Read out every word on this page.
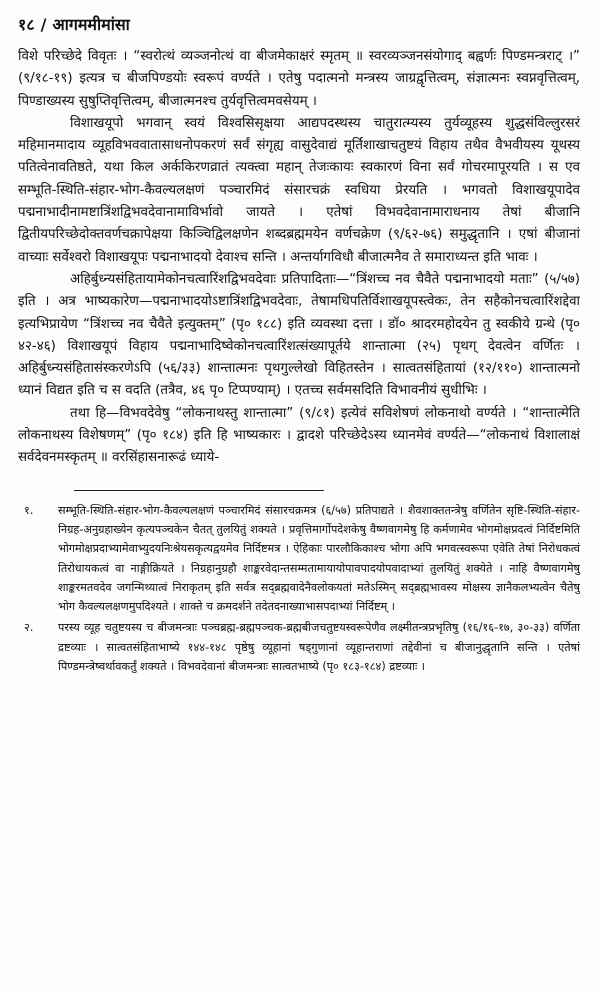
१८ / आगममीमांसा

विशे परिच्छेदे विवृतः । “स्वरोत्थं व्यञ्जनोत्थं वा बीजमेकाक्षरं स्मृतम् ॥ स्वरव्यञ्जनसंयोगाद् बह्वर्णः पिण्डमन्त्रराट् ।” (९/१८-१९) इत्यत्र च बीजपिण्डयोः स्वरूपं वर्ण्यते । एतेषु पदात्मनो मन्त्रस्य जाग्रद्वृत्तित्वम्, संज्ञात्मनः स्वप्नवृत्तित्वम्, पिण्डाख्यस्य सुषुप्तिवृत्तित्वम्, बीजात्मनश्च तुर्यवृत्तित्वमवसेयम् ।

विशाखयूपो भगवान् स्वयं विश्वसिसृक्षया आद्यपदस्थस्य चातुरात्म्यस्य तुर्यव्यूहस्य शुद्धसंविल्लुरसरं महिमानमादाय व्यूहविभववातासाधनोपकरणं सर्वं संगृह्य वासुदेवाद्यं मूर्तिशाखाचतुष्टयं विहाय तथैव वैभवीयस्य यूथस्य पतित्वेनावतिष्ठते, यथा किल अर्ककिरणव्रातं त्यक्त्वा महान् तेजःकायः स्वकारणं विना सर्वं गोचरमापूरयति । स एव सम्भूति-स्थिति-संहार-भोग-कैवल्यलक्षणं पञ्चारमिदं संसारचक्रं स्वधिया प्रेरयति । भगवतो विशाखयूपादेव पद्मनाभादीनामष्टात्रिंशद्विभवदेवानामाविर्भावो जायते । एतेषां विभवदेवानामाराधनाय तेषां बीजानि द्वितीयपरिच्छेदोक्तवर्णचक्रापेक्षया किञ्चिद्विलक्षणेन शब्दब्रह्ममयेन वर्णचक्रेण (९/६२-७६) समुद्धृतानि । एषां बीजानां वाच्याः सर्वेश्वरो विशाखयूपः पद्मनाभादयो देवाश्च सन्ति । अन्तर्यागविधौ बीजात्मनैव ते समाराध्यन्त इति भावः ।

अहिर्बुध्न्यसंहितायामेकोनचत्वारिंशद्विभवदेवाः प्रतिपादिताः—“त्रिंशच्च नव चैवैते पद्मनाभादयो मताः” (५/५७) इति । अत्र भाष्यकारेण—पद्मनाभादयोऽष्टात्रिंशद्विभवदेवाः, तेषामधिपतिर्विशाखयूपस्त्वेकः, तेन सहैकोनचत्वारिंशद्देवा इत्यभिप्रायेण “त्रिंशच्च नव चैवैते इत्युक्तम्” (पृ० १८८) इति व्यवस्था दत्ता । डॉ० श्रादरमहोदयेन तु स्वकीये ग्रन्थे (पृ० ४२-४६) विशाखयूपं विहाय पद्मनाभादिष्वेकोनचत्वारिंशत्संख्यापूर्तये शान्तात्मा (२५) पृथग् देवत्वेन वर्णितः । अहिर्बुध्न्यसंहितासंस्करणेऽपि (५६/३३) शान्तात्मनः पृथगुल्लेखो विहितस्तेन । सात्वतसंहितायां (१२/११०) शान्तात्मनो ध्यानं विद्यत इति च स वदति (तत्रैव, ४६ पृ० टिप्पण्याम्) । एतच्च सर्वमसदिति विभावनीयं सुधीभिः ।

तथा हि—विभवदेवेषु “लोकनाथस्तु शान्तात्मा” (९/८१) इत्येवं सविशेषणं लोकनाथो वर्ण्यते । “शान्तात्मेति लोकनाथस्य विशेषणम्” (पृ० १८४) इति हि भाष्यकारः । द्वादशे परिच्छेदेऽस्य ध्यानमेवं वर्ण्यते—“लोकनाथं विशालाक्षं सर्वदेवनमस्कृतम् ॥ वरसिंहासनारूढं ध्याये-

१.	सम्भूति-स्थिति-संहार-भोग-कैवल्यलक्षणं पञ्चारमिदं संसारचक्रमत्र (६/५७) प्रतिपाद्यते । शैवशाक्ततन्त्रेषु वर्णितेन सृष्टि-स्थिति-संहार-निग्रह-अनुग्रहाख्येन कृत्यपञ्चकेन चैतत् तुलयितुं शक्यते । प्रवृत्तिमार्गोपदेशकेषु वैष्णवागमेषु हि कर्मणामेव भोगमोक्षप्रदत्वं निर्दिष्टमिति भोगमोक्षप्रदाभ्यामेवाभ्युदयनिःश्रेयसकृत्यद्वयमेव निर्दिष्टमत्र । ऐहिकाः पारलौकिकाश्च भोगा अपि भगवत्स्वरूपा एवेति तेषां निरोधकत्वं तिरोधायकत्वं वा नाङ्गीक्रियते । निग्रहानुग्रहौ शाङ्करवेदान्तसम्मतामायायोपावपादयोपवादाभ्यां तुलयितुं शक्येते । नाहि वैष्णवागमेषु शाङ्करमतवदेव जगन्मिथ्यात्वं निराकृतम् इति सर्वत्र सद्ब्रह्मवादेनैवलोकयतां मतेऽस्मिन् सद्ब्रह्मभावस्य मोक्षस्य ज्ञानैकलभ्यत्वेन चैतेषु भोग कैवल्यलक्षणमुपदिश्यते । शाक्ते च क्रमदर्शने तदेतदनाख्याभासपदाभ्यां निर्दिष्टम् ।
२.	परस्य व्यूह चतुष्टयस्य च बीजमन्त्राः पञ्चब्रह्म-ब्रह्मपञ्चक-ब्रह्मबीजचतुष्टयस्वरूपेणैव लक्ष्मीतन्त्रप्रभृतिषु (१६/१६-१७, ३०-३३) वर्णिता द्रष्टव्याः । सात्वतसंहिताभाष्ये १४४-१४८ पृष्ठेषु व्यूहानां षड्गुणानां व्यूहान्तराणां तद्देवीनां च बीजानुद्धृतानि सन्ति । एतेषां पिण्डमन्त्रेष्वर्थावकर्तुं शक्यते । विभवदेवानां बीजमन्त्राः सात्वतभाष्ये (पृ० १८३-१८४) द्रष्टव्याः ।
